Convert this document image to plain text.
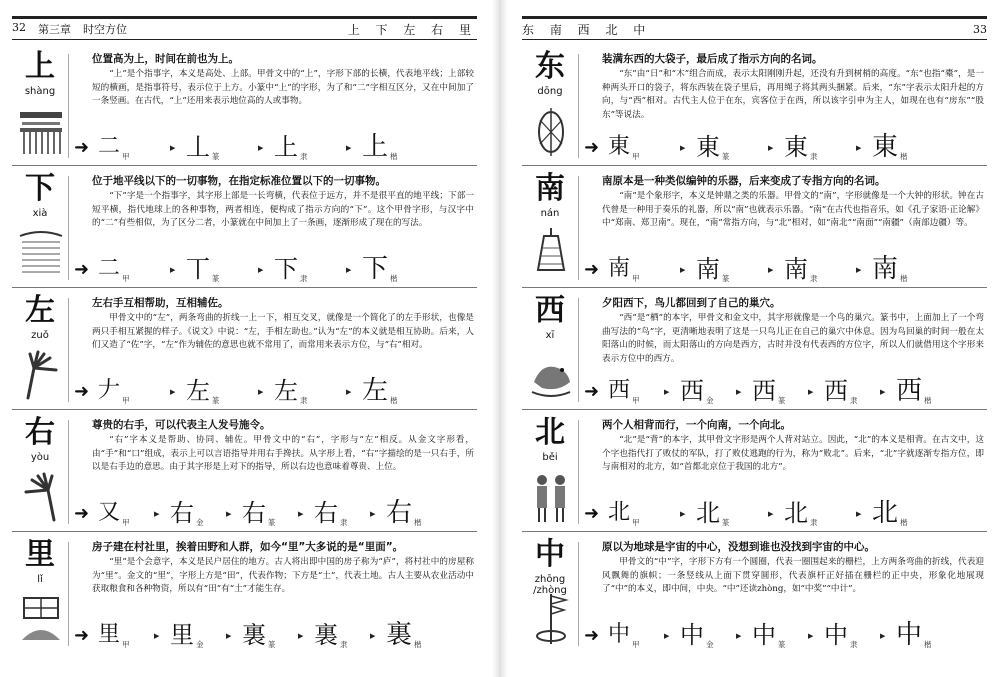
32 第三章 时空方位	上 下 左 右 里
上
shàng
位置高为上，时间在前也为上。
“上”是个指事字，本义是高处、上部。甲骨文中的“上”，字形下部的长横，代表地平线；上部较短的横画，是指事符号，表示位于上方。小篆中“上”的字形，为了和“二”字相互区分，又在中间加了一条竖画。在古代，“上”还用来表示地位高的人或事物。
➜ 二 甲
▶ 丄 篆
▶ 上 隶
▶ 上 楷
下
xià
位于地平线以下的一切事物，在指定标准位置以下的一切事物。
“下”字是一个指事字，其字形上部是一长弯横，代表位于远方，并不是很平直的地平线；下部一短平横，指代地球上的各种事物，两者相连，便构成了指示方向的“下”。这个甲骨字形，与汉字中的“二”有些相似，为了区分二者，小篆就在中间加上了一条画，逐渐形成了现在的写法。
➜ 二 甲
▶ 丅 篆
▶ 下 隶
▶ 下 楷
左
zuǒ
左右手互相帮助，互相辅佐。
甲骨文中的“左”，两条弯曲的折线一上一下，相互交叉，就像是一个简化了的左手形状，也像是两只手相互紧握的样子。《说文》中说：“左，手相左助也。”认为“左”的本义就是相互协助。后来，人们又造了“佐”字，“左”作为辅佐的意思也就不常用了，而常用来表示方位，与“右”相对。
➜ 𠂇 甲
▶ 左 篆
▶ 左 隶
▶ 左 楷
右
yòu
尊贵的右手，可以代表主人发号施令。
“右”字本义是帮助、协同、辅佐。甲骨文中的“右”，字形与“左”相反。从金文字形看，由“手”和“口”组成，表示上可以言语指导并用右手搀扶。从字形上看，“右”字描绘的是一只右手，所以是右手边的意思。由于其字形是上对下的指导，所以右边也意味着尊贵、上位。
➜ 又 甲
▶ 右 金
▶ 右 篆
▶ 右 隶
▶ 右 楷
里
lǐ
房子建在村社里，挨着田野和人群，如今“里”大多说的是“里面”。
“里”是个会意字，本义是民户居住的地方。古人将出即中国的房子称为“庐”，将村社中的房屋称为“里”。金文的“里”，字形上方是“田”，代表作物；下方是“土”，代表土地。古人主要从农业活动中获取粮食和各种物资，所以有“田”有“土”才能生存。
➜ 里 甲
▶ 里 金
▶ 裏 篆
▶ 裏 隶
▶ 裏 楷
东 南 西 北 中	33
东
dōng
装满东西的大袋子，最后成了指示方向的名词。
“东”由“日”和“木”组合而成，表示太阳刚刚升起，还没有升到树梢的高度。“东”也指“橐”，是一种两头开口的袋子，将东西装在袋子里后，再用绳子将其两头捆紧。后来，“东”字表示太阳升起的方向，与“西”相对。古代主人位于在东，宾客位于在西，所以该字引申为主人，如现在也有“房东”“股东”等说法。
➜ 東 甲
▶ 東 篆
▶ 東 隶
▶ 東 楷
南
nán
南原本是一种类似编钟的乐器，后来变成了专指方向的名词。
“南”是个象形字，本义是钟鼎之类的乐器。甲骨文的“南”，字形就像是一个大钟的形状。钟在古代曾是一种用于奏乐的礼器，所以“南”也就表示乐器。“南”在古代也指音乐，如《孔子家语·正论解》中“郑南、郑卫南”。现在，“南”常指方向，与“北”相对，如“南北”“南面”“南疆”（南部边疆）等。
➜ 南 甲
▶ 南 篆
▶ 南 隶
▶ 南 楷
西
xī
夕阳西下，鸟儿都回到了自己的巢穴。
“西”是“栖”的本字，甲骨文和金文中，其字形就像是一个鸟的巢穴。篆书中，上面加上了一个弯曲写法的“鸟”字，更清晰地表明了这是一只鸟儿正在自己的巢穴中休息。因为鸟回巢的时间一般在太阳落山的时候，而太阳落山的方向是西方，古时并没有代表西的方位字，所以人们就借用这个字形来表示方位中的西方。
➜ 西 甲
▶ 西 金
▶ 西 篆
▶ 西 隶
▶ 西 楷
北
běi
两个人相背而行，一个向南，一个向北。
“北”是“背”的本字，其甲骨文字形是两个人背对站立。因此，“北”的本义是相背。在古文中，这个字也指代打了败仗的军队，打了败仗逃跑的行为，称为“败北”。后来，“北”字就逐渐专指方位，即与南相对的北方，如“首都北京位于我国的北方”。
➜ 北 甲
▶ 北 篆
▶ 北 隶
▶ 北 楷
中
zhōng /zhòng
原以为地球是宇宙的中心，没想到谁也没找到宇宙的中心。
甲骨文的“中”字，字形下方有一个圆圈，代表一圈围起来的栅栏，上方两条弯曲的折线，代表迎风飘舞的旗帜；一条竖线从上面下贯穿圆形，代表旗杆正好插在栅栏的正中央，形象化地展现了“中”的本义，即中间，中央。“中”还读zhòng，如“中奖”“中计”。
➜ 中 甲
▶ 中 金
▶ 中 篆
▶ 中 隶
▶ 中 楷
